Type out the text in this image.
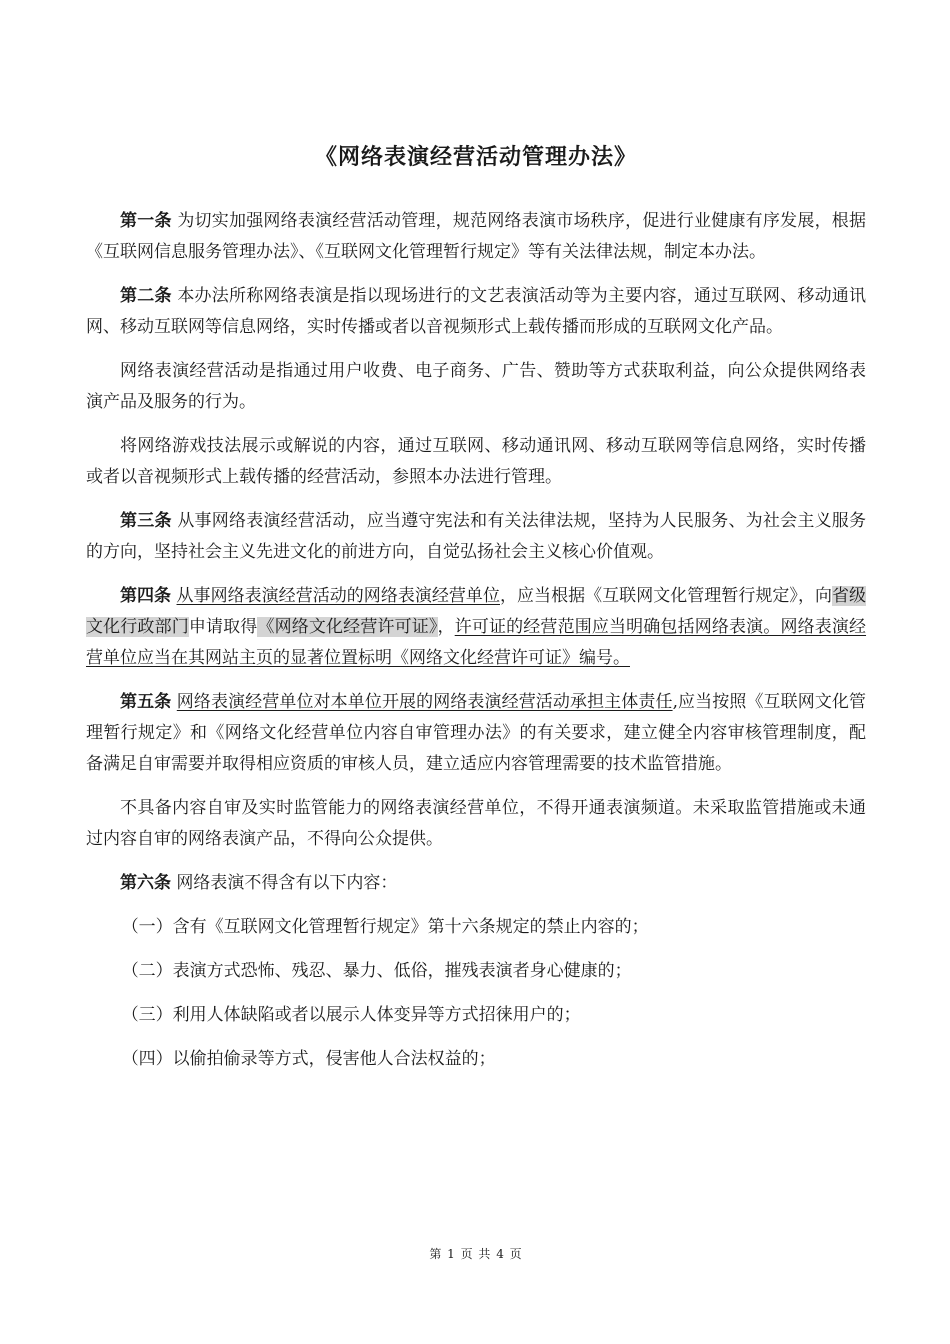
《网络表演经营活动管理办法》

第一条 为切实加强网络表演经营活动管理，规范网络表演市场秩序，促进行业健康有序发展，根据《互联网信息服务管理办法》、《互联网文化管理暂行规定》等有关法律法规，制定本办法。

第二条 本办法所称网络表演是指以现场进行的文艺表演活动等为主要内容，通过互联网、移动通讯网、移动互联网等信息网络，实时传播或者以音视频形式上载传播而形成的互联网文化产品。

网络表演经营活动是指通过用户收费、电子商务、广告、赞助等方式获取利益，向公众提供网络表演产品及服务的行为。

将网络游戏技法展示或解说的内容，通过互联网、移动通讯网、移动互联网等信息网络，实时传播或者以音视频形式上载传播的经营活动，参照本办法进行管理。

第三条 从事网络表演经营活动，应当遵守宪法和有关法律法规，坚持为人民服务、为社会主义服务的方向，坚持社会主义先进文化的前进方向，自觉弘扬社会主义核心价值观。

第四条 从事网络表演经营活动的网络表演经营单位，应当根据《互联网文化管理暂行规定》，向省级文化行政部门申请取得《网络文化经营许可证》，许可证的经营范围应当明确包括网络表演。网络表演经营单位应当在其网站主页的显著位置标明《网络文化经营许可证》编号。

第五条 网络表演经营单位对本单位开展的网络表演经营活动承担主体责任,应当按照《互联网文化管理暂行规定》和《网络文化经营单位内容自审管理办法》的有关要求，建立健全内容审核管理制度，配备满足自审需要并取得相应资质的审核人员，建立适应内容管理需要的技术监管措施。

不具备内容自审及实时监管能力的网络表演经营单位，不得开通表演频道。未采取监管措施或未通过内容自审的网络表演产品，不得向公众提供。

第六条 网络表演不得含有以下内容：

（一）含有《互联网文化管理暂行规定》第十六条规定的禁止内容的；

（二）表演方式恐怖、残忍、暴力、低俗，摧残表演者身心健康的；

（三）利用人体缺陷或者以展示人体变异等方式招徕用户的；

（四）以偷拍偷录等方式，侵害他人合法权益的；

第 1 页 共 4 页
